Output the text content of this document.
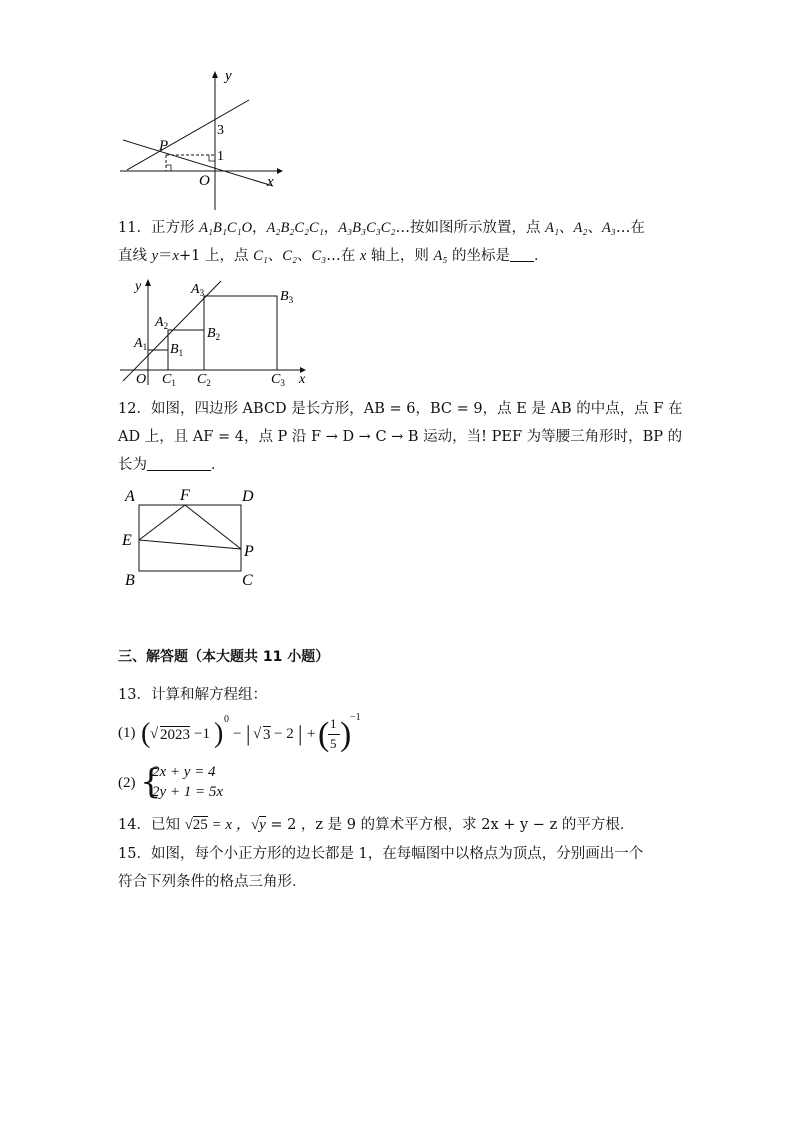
y
3
1
P
O	x
11．正方形 A₁B₁C₁O，A₂B₂C₂C₁，A₃B₃C₃C₂…按如图所示放置，点 A₁、A₂、A₃…在
直线 y＝x+1 上，点 C₁、C₂、C₃…在 x 轴上，则 A₅ 的坐标是 ．
y	$A_3$	$B_3$
$A_2$	$B_2$
$A_1$ $B_1$
O $C_1$ $C_2$	$C_3$ x
12．如图，四边形 ABCD 是长方形，AB = 6，BC = 9，点 E 是 AB 的中点，点 F 在
AD 上，且 AF = 4，点 P 沿 F → D → C → B 运动，当! PEF 为等腰三角形时，BP 的
长为	．
A	F	D
E
P
B	C
三、解答题（本大题共 11 小题）
13．计算和解方程组：
(1) ( √ 2023 −1 ) 0
− | √ 3 − 2 | + ( 1
5 )
−1
(2) {
2x + y = 4
2y + 1 = 5x
14．已知 √25 = x ，√y = 2 ，z 是 9 的算术平方根，求 2x + y − z 的平方根．
15．如图，每个小正方形的边长都是 1，在每幅图中以格点为顶点，分别画出一个
符合下列条件的格点三角形．
